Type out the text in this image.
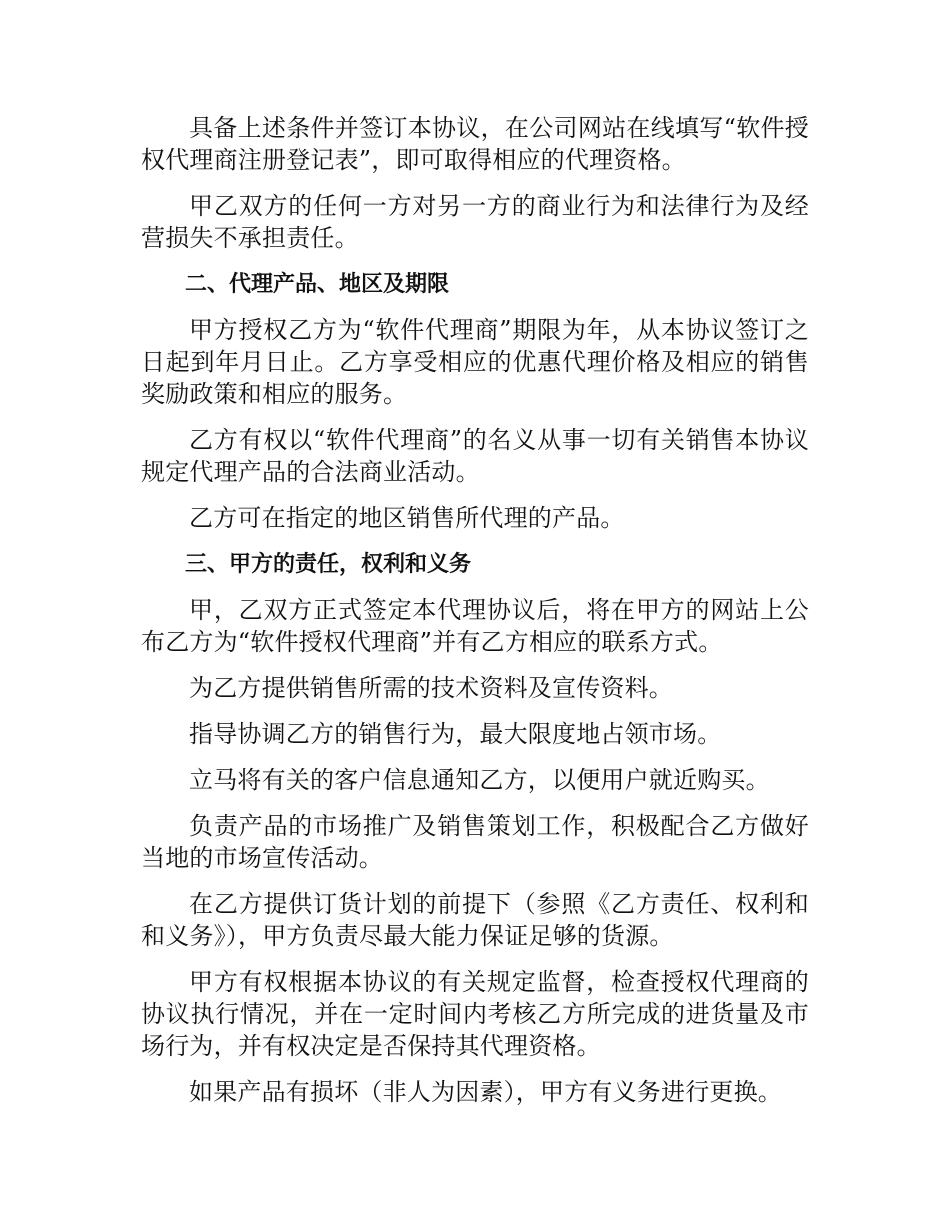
具备上述条件并签订本协议，在公司网站在线填写“软件授权代理商注册登记表”，即可取得相应的代理资格。

甲乙双方的任何一方对另一方的商业行为和法律行为及经营损失不承担责任。

二、代理产品、地区及期限

甲方授权乙方为“软件代理商”期限为年，从本协议签订之日起到年月日止。乙方享受相应的优惠代理价格及相应的销售奖励政策和相应的服务。

乙方有权以“软件代理商”的名义从事一切有关销售本协议规定代理产品的合法商业活动。

乙方可在指定的地区销售所代理的产品。

三、甲方的责任，权利和义务

甲，乙双方正式签定本代理协议后，将在甲方的网站上公布乙方为“软件授权代理商”并有乙方相应的联系方式。

为乙方提供销售所需的技术资料及宣传资料。

指导协调乙方的销售行为，最大限度地占领市场。

立马将有关的客户信息通知乙方，以便用户就近购买。

负责产品的市场推广及销售策划工作，积极配合乙方做好当地的市场宣传活动。

在乙方提供订货计划的前提下（参照《乙方责任、权利和和义务》），甲方负责尽最大能力保证足够的货源。

甲方有权根据本协议的有关规定监督，检查授权代理商的协议执行情况，并在一定时间内考核乙方所完成的进货量及市场行为，并有权决定是否保持其代理资格。

如果产品有损坏（非人为因素），甲方有义务进行更换。
